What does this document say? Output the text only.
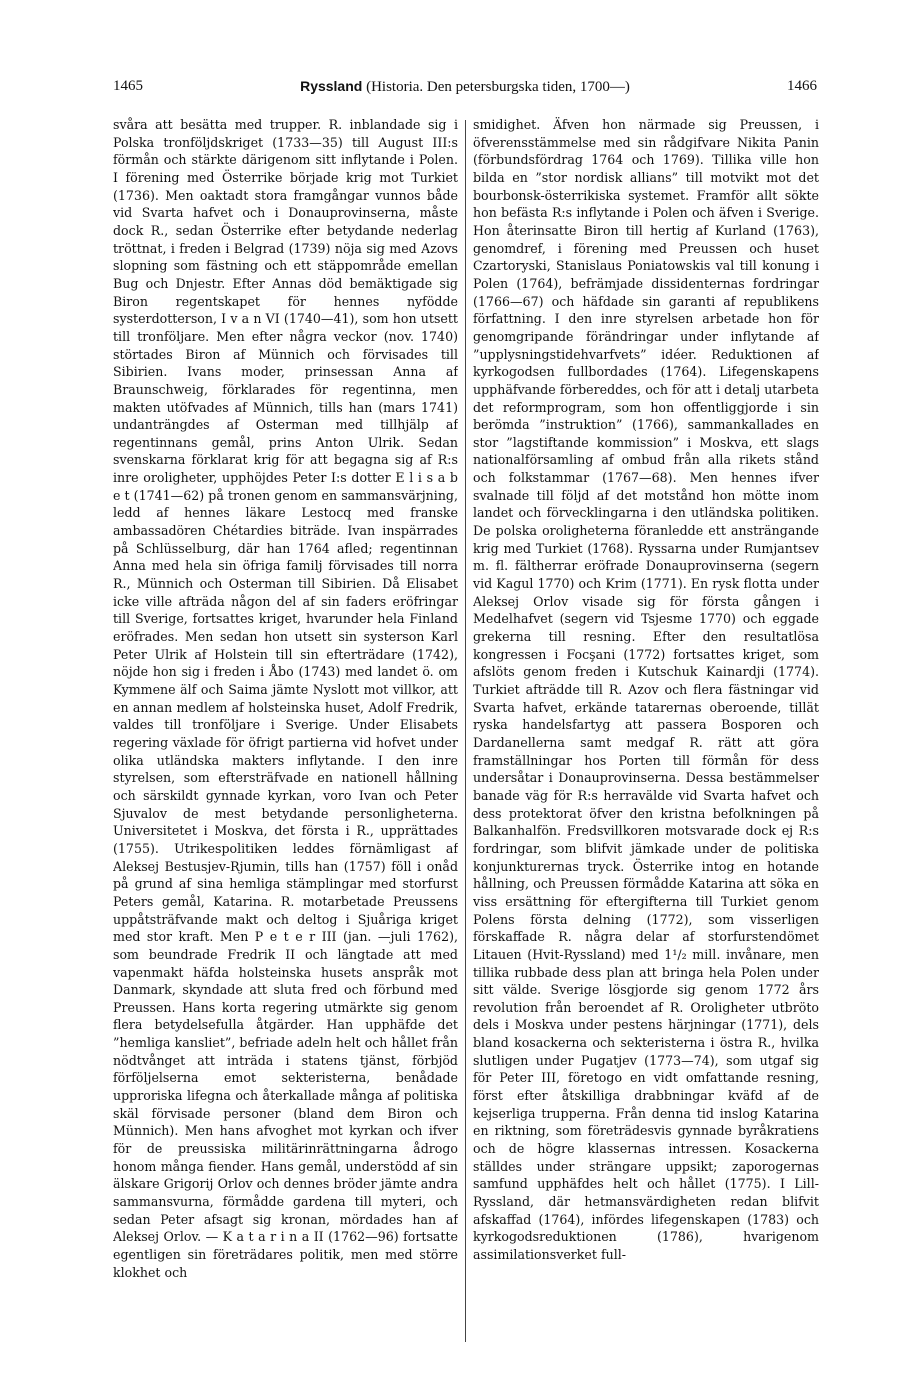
1465	Ryssland (Historia. Den petersburgska tiden, 1700—)	1466

svåra att besätta med trupper. R. inblandade sig i Polska tronföljdskriget (1733—35) till August III:s förmån och stärkte därigenom sitt inflytande i Polen. I förening med Österrike började krig mot Turkiet (1736). Men oaktadt stora framgångar vunnos både vid Svarta hafvet och i Donauprovinserna, måste dock R., sedan Österrike efter betydande nederlag tröttnat, i freden i Belgrad (1739) nöja sig med Azovs slopning som fästning och ett stäppområde emellan Bug och Dnjestr. Efter Annas död bemäktigade sig Biron regentskapet för hennes nyfödde systerdotterson, I v a n VI (1740—41), som hon utsett till tronföljare. Men efter några veckor (nov. 1740) störtades Biron af Münnich och förvisades till Sibirien. Ivans moder, prinsessan Anna af Braunschweig, förklarades för regentinna, men makten utöfvades af Münnich, tills han (mars 1741) undanträngdes af Osterman med tillhjälp af regentinnans gemål, prins Anton Ulrik. Sedan svenskarna förklarat krig för att begagna sig af R:s inre oroligheter, upphöjdes Peter I:s dotter E l i s a b e t (1741—62) på tronen genom en sammansvärjning, ledd af hennes läkare Lestocq med franske ambassadören Chétardies biträde. Ivan inspärrades på Schlüsselburg, där han 1764 afled; regentinnan Anna med hela sin öfriga familj förvisades till norra R., Münnich och Osterman till Sibirien. Då Elisabet icke ville afträda någon del af sin faders eröfringar till Sverige, fortsattes kriget, hvarunder hela Finland eröfrades. Men sedan hon utsett sin systerson Karl Peter Ulrik af Holstein till sin efterträdare (1742), nöjde hon sig i freden i Åbo (1743) med landet ö. om Kymmene älf och Saima jämte Nyslott mot villkor, att en annan medlem af holsteinska huset, Adolf Fredrik, valdes till tronföljare i Sverige. Under Elisabets regering växlade för öfrigt partierna vid hofvet under olika utländska makters inflytande. I den inre styrelsen, som eftersträfvade en nationell hållning och särskildt gynnade kyrkan, voro Ivan och Peter Sjuvalov de mest betydande personligheterna. Universitetet i Moskva, det första i R., upprättades (1755). Utrikespolitiken leddes förnämligast af Aleksej Bestusjev-Rjumin, tills han (1757) föll i onåd på grund af sina hemliga stämplingar med storfurst Peters gemål, Katarina. R. motarbetade Preussens uppåtsträfvande makt och deltog i Sjuåriga kriget med stor kraft. Men P e t e r III (jan. —juli 1762), som beundrade Fredrik II och längtade att med vapenmakt häfda holsteinska husets anspråk mot Danmark, skyndade att sluta fred och förbund med Preussen. Hans korta regering utmärkte sig genom flera betydelsefulla åtgärder. Han upphäfde det ”hemliga kansliet”, befriade adeln helt och hållet från nödtvånget att inträda i statens tjänst, förbjöd förföljelserna emot sekteristerna, benådade upproriska lifegna och återkallade många af politiska skäl förvisade personer (bland dem Biron och Münnich). Men hans afvoghet mot kyrkan och ifver för de preussiska militärinrättningarna ådrogo honom många fiender. Hans gemål, understödd af sin älskare Grigorij Orlov och dennes bröder jämte andra sammansvurna, förmådde gardena till myteri, och sedan Peter afsagt sig kronan, mördades han af Aleksej Orlov. — K a t a r i n a II (1762—96) fortsatte egentligen sin företrädares politik, men med större klokhet och

smidighet. Äfven hon närmade sig Preussen, i öfverensstämmelse med sin rådgifvare Nikita Panin (förbundsfördrag 1764 och 1769). Tillika ville hon bilda en ”stor nordisk allians” till motvikt mot det bourbonsk-österrikiska systemet. Framför allt sökte hon befästa R:s inflytande i Polen och äfven i Sverige. Hon återinsatte Biron till hertig af Kurland (1763), genomdref, i förening med Preussen och huset Czartoryski, Stanislaus Poniatowskis val till konung i Polen (1764), befrämjade dissidenternas fordringar (1766—67) och häfdade sin garanti af republikens författning. I den inre styrelsen arbetade hon för genomgripande förändringar under inflytande af ”upplysningstidehvarfvets” idéer. Reduktionen af kyrkogodsen fullbordades (1764). Lifegenskapens upphäfvande förbereddes, och för att i detalj utarbeta det reformprogram, som hon offentliggjorde i sin berömda ”instruktion” (1766), sammankallades en stor ”lagstiftande kommission” i Moskva, ett slags nationalförsamling af ombud från alla rikets stånd och folkstammar (1767—68). Men hennes ifver svalnade till följd af det motstånd hon mötte inom landet och förvecklingarna i den utländska politiken. De polska oroligheterna föranledde ett ansträngande krig med Turkiet (1768). Ryssarna under Rumjantsev m. fl. fältherrar eröfrade Donauprovinserna (segern vid Kagul 1770) och Krim (1771). En rysk flotta under Aleksej Orlov visade sig för första gången i Medelhafvet (segern vid Tsjesme 1770) och eggade grekerna till resning. Efter den resultatlösa kongressen i Focşani (1772) fortsattes kriget, som afslöts genom freden i Kutschuk Kainardji (1774). Turkiet afträdde till R. Azov och flera fästningar vid Svarta hafvet, erkände tatarernas oberoende, tillät ryska handelsfartyg att passera Bosporen och Dardanellerna samt medgaf R. rätt att göra framställningar hos Porten till förmån för dess undersåtar i Donauprovinserna. Dessa bestämmelser banade väg för R:s herravälde vid Svarta hafvet och dess protektorat öfver den kristna befolkningen på Balkanhalfön. Fredsvillkoren motsvarade dock ej R:s fordringar, som blifvit jämkade under de politiska konjunkturernas tryck. Österrike intog en hotande hållning, och Preussen förmådde Katarina att söka en viss ersättning för eftergifterna till Turkiet genom Polens första delning (1772), som visserligen förskaffade R. några delar af storfurstendömet Litauen (Hvit-Ryssland) med 1¹/₂ mill. invånare, men tillika rubbade dess plan att bringa hela Polen under sitt välde. Sverige lösgjorde sig genom 1772 års revolution från beroendet af R. Oroligheter utbröto dels i Moskva under pestens härjningar (1771), dels bland kosackerna och sekteristerna i östra R., hvilka slutligen under Pugatjev (1773—74), som utgaf sig för Peter III, företogo en vidt omfattande resning, först efter åtskilliga drabbningar kväfd af de kejserliga trupperna. Från denna tid inslog Katarina en riktning, som företrädesvis gynnade byråkratiens och de högre klassernas intressen. Kosackerna ställdes under strängare uppsikt; zaporogernas samfund upphäfdes helt och hållet (1775). I Lill-Ryssland, där hetmansvärdigheten redan blifvit afskaffad (1764), infördes lifegenskapen (1783) och kyrkogodsreduktionen (1786), hvarigenom assimilationsverket full-
